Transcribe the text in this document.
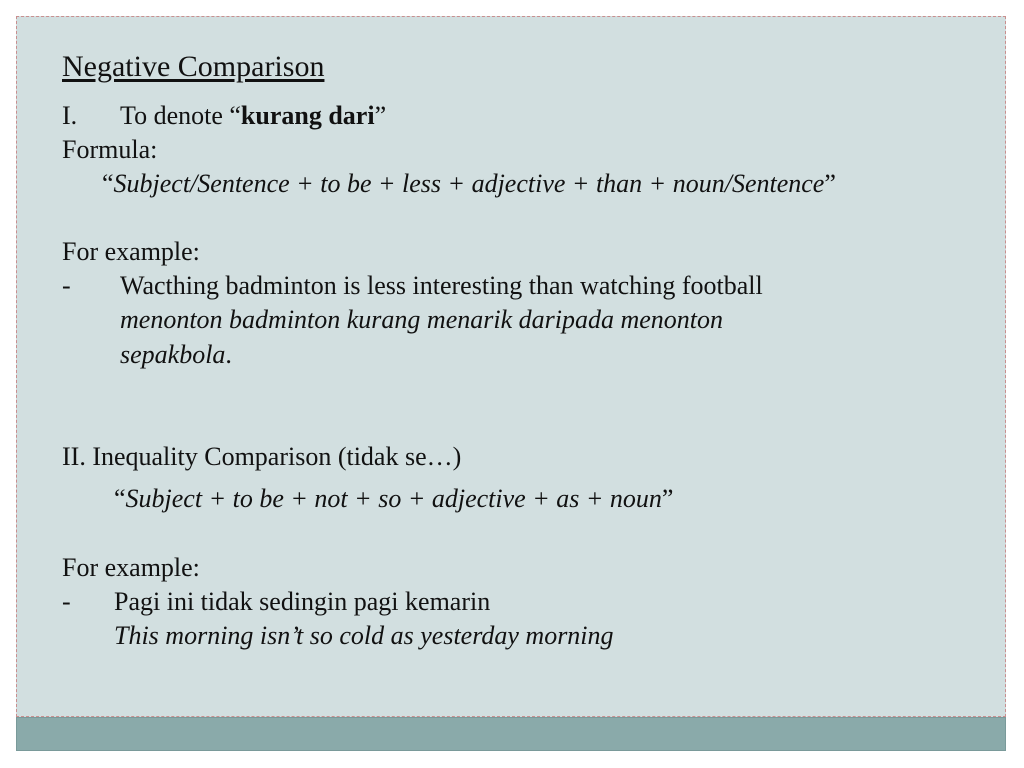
Negative Comparison
I. To denote “kurang dari”
Formula:
“Subject/Sentence + to be + less + adjective + than + noun/Sentence”
For example:
- Wacthing badminton is less interesting than watching football
menonton badminton kurang menarik daripada menonton
sepakbola.
II. Inequality Comparison (tidak se…)
“Subject + to be + not + so + adjective + as + noun”
For example:
- Pagi ini tidak sedingin pagi kemarin
This morning isn’t so cold as yesterday morning
